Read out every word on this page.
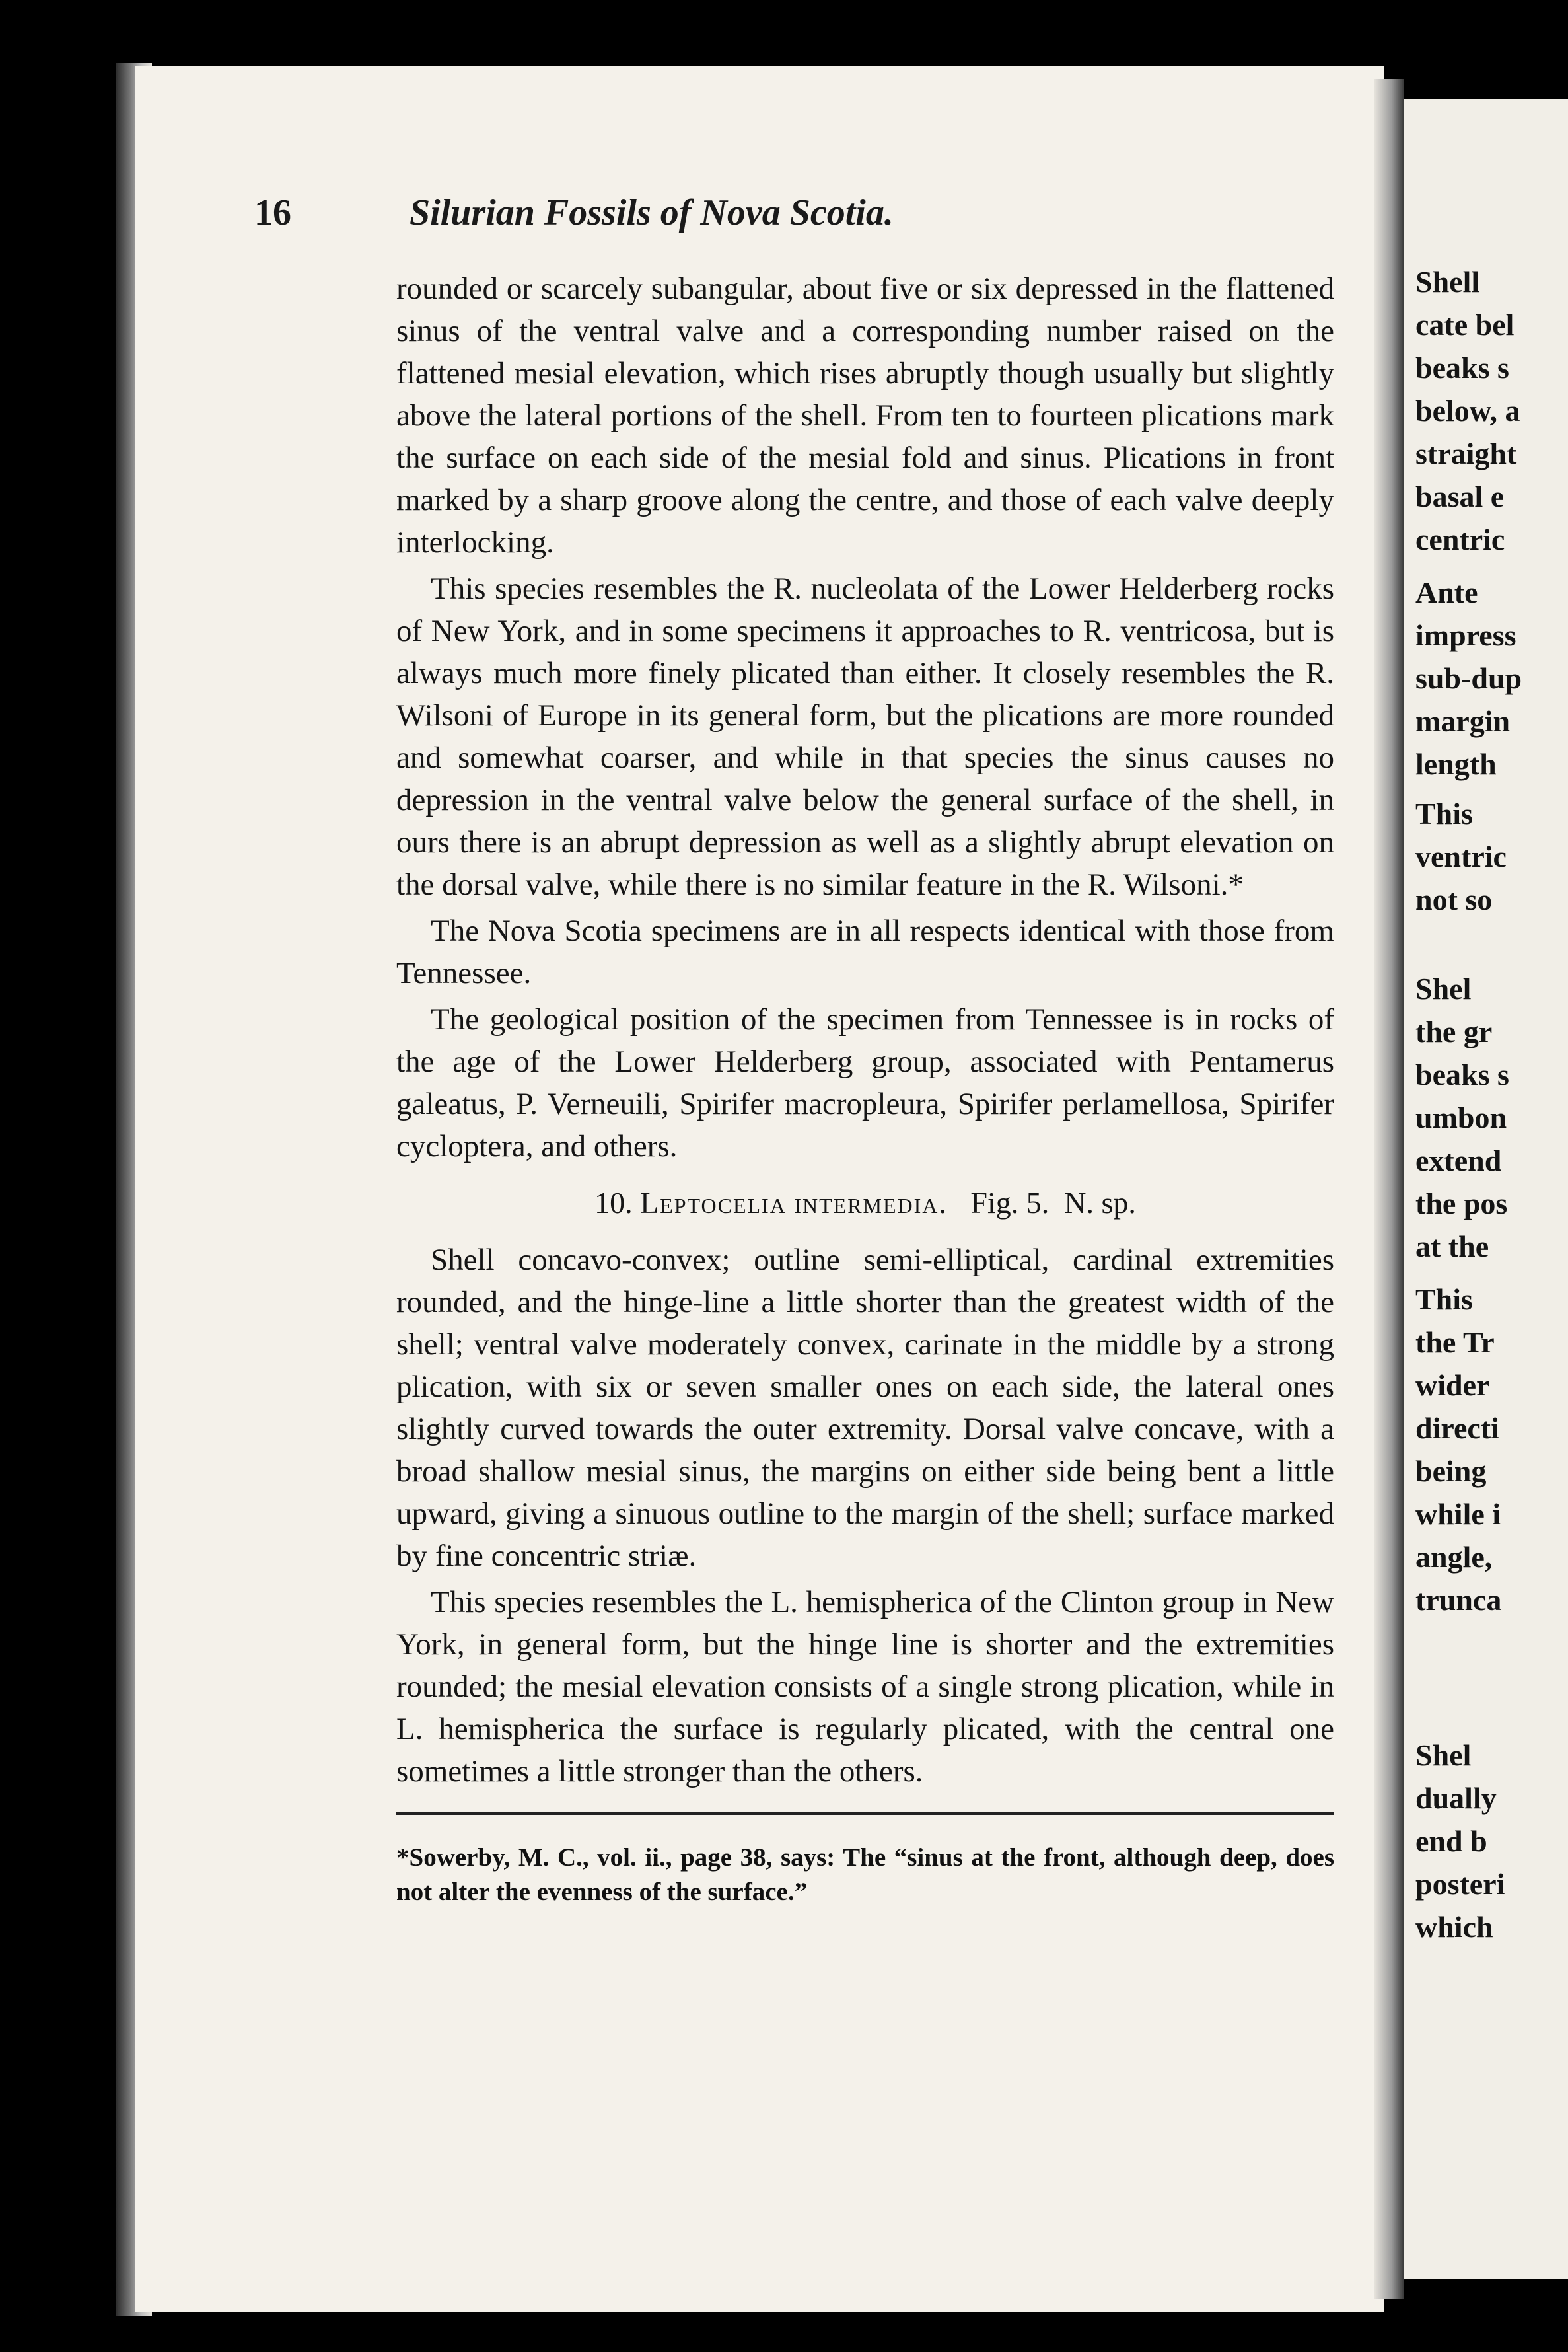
16	Silurian Fossils of Nova Scotia.

rounded or scarcely subangular, about five or six depressed in the flattened sinus of the ventral valve and a corresponding number raised on the flattened mesial elevation, which rises abruptly though usually but slightly above the lateral portions of the shell. From ten to fourteen plications mark the surface on each side of the mesial fold and sinus. Plications in front marked by a sharp groove along the centre, and those of each valve deeply interlocking.

This species resembles the R. nucleolata of the Lower Helderberg rocks of New York, and in some specimens it approaches to R. ventricosa, but is always much more finely plicated than either. It closely resembles the R. Wilsoni of Europe in its general form, but the plications are more rounded and somewhat coarser, and while in that species the sinus causes no depression in the ventral valve below the general surface of the shell, in ours there is an abrupt depression as well as a slightly abrupt elevation on the dorsal valve, while there is no similar feature in the R. Wilsoni.*

The Nova Scotia specimens are in all respects identical with those from Tennessee.

The geological position of the specimen from Tennessee is in rocks of the age of the Lower Helderberg group, associated with Pentamerus galeatus, P. Verneuili, Spirifer macropleura, Spirifer perlamellosa, Spirifer cycloptera, and others.

10. Leptocelia intermedia. Fig. 5. N. sp.

Shell concavo-convex; outline semi-elliptical, cardinal extremities rounded, and the hinge-line a little shorter than the greatest width of the shell; ventral valve moderately convex, carinate in the middle by a strong plication, with six or seven smaller ones on each side, the lateral ones slightly curved towards the outer extremity. Dorsal valve concave, with a broad shallow mesial sinus, the margins on either side being bent a little upward, giving a sinuous outline to the margin of the shell; surface marked by fine concentric striæ.

This species resembles the L. hemispherica of the Clinton group in New York, in general form, but the hinge line is shorter and the extremities rounded; the mesial elevation consists of a single strong plication, while in L. hemispherica the surface is regularly plicated, with the central one sometimes a little stronger than the others.

*Sowerby, M. C., vol. ii., page 38, says: The “sinus at the front, although deep, does not alter the evenness of the surface.”

Shell
cate bel
beaks s
below, a
straight
basal e
centric
Ante
impress
sub-dup
margin
length
This
ventric
not so
Shel
the gr
beaks s
umbon
extend
the pos
at the
This
the Tr
wider
directi
being
while i
angle,
trunca
Shel
dually
end b
posteri
which
